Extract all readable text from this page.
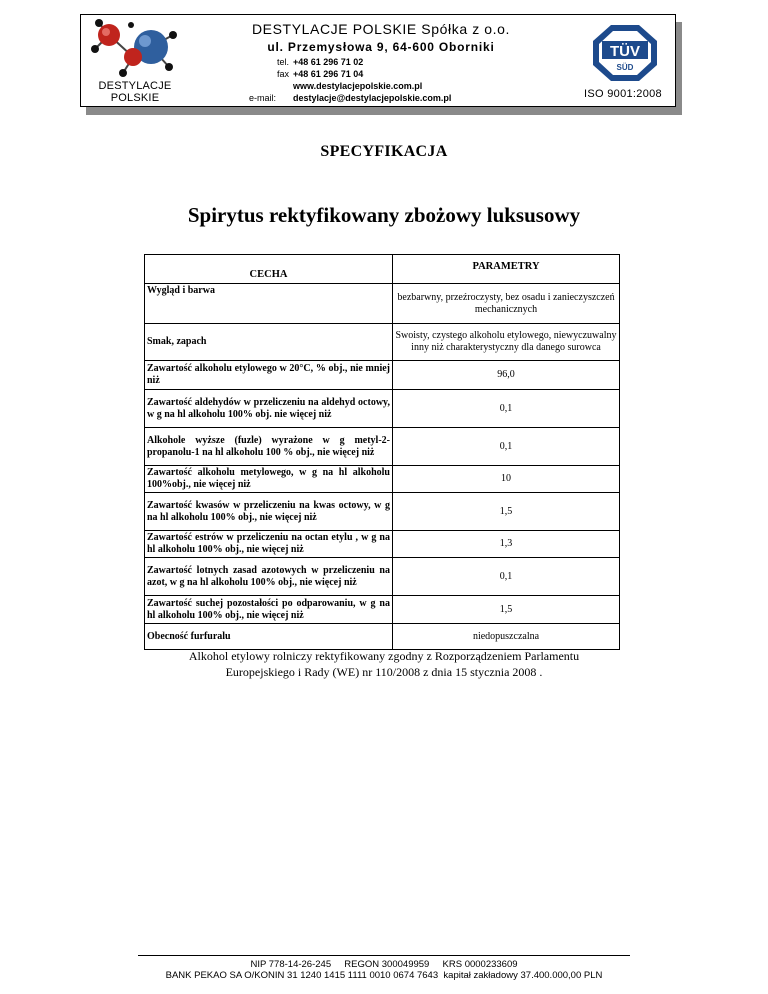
DESTYLACJE
POLSKIE
DESTYLACJE POLSKIE Spółka z o.o.
ul. Przemysłowa 9, 64-600 Oborniki
tel. +48 61 296 71 02
fax +48 61 296 71 04
www.destylacjepolskie.com.pl
e-mail: destylacje@destylacjepolskie.com.pl
TÜV
SÜD
ISO 9001:2008
SPECYFIKACJA
Spirytus rektyfikowany zbożowy luksusowy
CECHA	PARAMETRY
Wygląd i barwa	bezbarwny, przeźroczysty, bez osadu i zanieczyszczeń mechanicznych
Smak, zapach	Swoisty, czystego alkoholu etylowego, niewyczuwalny inny niż charakterystyczny dla danego surowca
Zawartość alkoholu etylowego w 20°C, % obj., nie mniej niż	96,0
Zawartość aldehydów w przeliczeniu na aldehyd octowy, w g na hl alkoholu 100% obj. nie więcej niż	0,1
Alkohole wyższe (fuzle) wyrażone w g metyl-2-propanolu-1 na hl alkoholu 100 % obj., nie więcej niż	0,1
Zawartość alkoholu metylowego, w g na hl alkoholu 100%obj., nie więcej niż	10
Zawartość kwasów w przeliczeniu na kwas octowy, w g na hl alkoholu 100% obj., nie więcej niż	1,5
Zawartość estrów w przeliczeniu na octan etylu , w g na hl alkoholu 100% obj., nie więcej niż	1,3
Zawartość lotnych zasad azotowych w przeliczeniu na azot, w g na hl alkoholu 100% obj., nie więcej niż	0,1
Zawartość suchej pozostałości po odparowaniu, w g na hl alkoholu 100% obj., nie więcej niż	1,5
Obecność furfuralu	niedopuszczalna
Alkohol etylowy rolniczy rektyfikowany zgodny z Rozporządzeniem Parlamentu Europejskiego i Rady (WE) nr 110/2008 z dnia 15 stycznia 2008 .
NIP 778-14-26-245     REGON 300049959     KRS 0000233609
BANK PEKAO SA O/KONIN 31 1240 1415 1111 0010 0674 7643  kapitał zakładowy 37.400.000,00 PLN
